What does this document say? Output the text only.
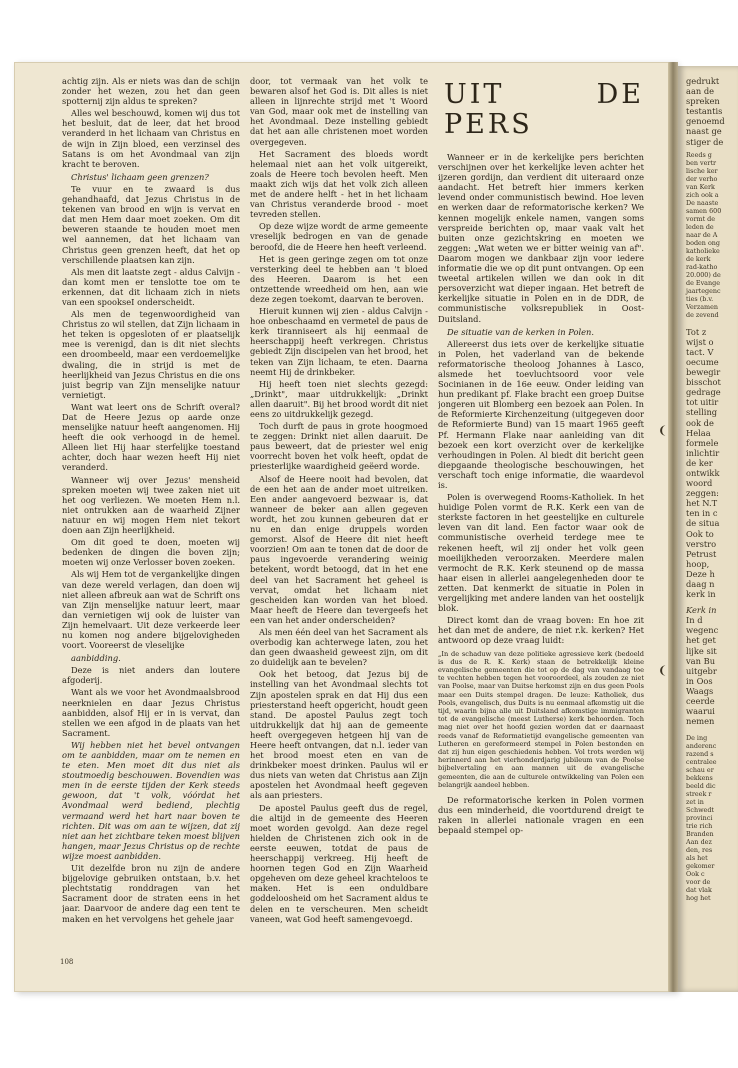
achtig zijn. Als er niets was dan de schijn zonder het wezen, zou het dan geen spotternij zijn aldus te spreken?

Alles wel beschouwd, komen wij dus tot het besluit, dat de leer, dat het brood veranderd in het lichaam van Christus en de wijn in Zijn bloed, een verzinsel des Satans is om het Avondmaal van zijn kracht te beroven.

Christus' lichaam geen grenzen?

Te vuur en te zwaard is dus gehandhaafd, dat Jezus Christus in de tekenen van brood en wijn is vervat en dat men Hem daar moet zoeken. Om dit beweren staande te houden moet men wel aannemen, dat het lichaam van Christus geen grenzen heeft, dat het op verschillende plaatsen kan zijn.

Als men dit laatste zegt - aldus Calvijn - dan komt men er tenslotte toe om te erkennen, dat dit lichaam zich in niets van een spookseI onderscheidt.

Als men de tegenwoordigheid van Christus zo wil stellen, dat Zijn lichaam in het teken is opgesloten of er plaatselijk mee is verenigd, dan is dit niet slechts een droombeeld, maar een verdoemelijke dwaling, die in strijd is met de heerlijkheid van Jezus Christus en die ons juist begrip van Zijn menselijke natuur vernietigt.

Want wat leert ons de Schrift overal? Dat de Heere Jezus op aarde onze menselijke natuur heeft aangenomen. Hij heeft die ook verhoogd in de hemel. Alleen liet Hij haar sterfelijke toestand achter, doch haar wezen heeft Hij niet veranderd.

Wanneer wij over Jezus' mensheid spreken moeten wij twee zaken niet uit het oog verliezen. We moeten Hem n.l. niet ontrukken aan de waarheid Zijner natuur en wij mogen Hem niet tekort doen aan Zijn heerlijkheid.

Om dit goed te doen, moeten wij bedenken de dingen die boven zijn; moeten wij onze Verlosser boven zoeken.

Als wij Hem tot de vergankelijke dingen van deze wereld verlagen, dan doen wij niet alleen afbreuk aan wat de Schrift ons van Zijn menselijke natuur leert, maar dan vernietigen wij ook de luister van Zijn hemelvaart. Uit deze verkeerde leer nu komen nog andere bijgelovigheden voort. Vooreerst de vleselijke

aanbidding.

Deze is niet anders dan loutere afgoderij.

Want als we voor het Avondmaalsbrood neerknielen en daar Jezus Christus aanbidden, alsof Hij er in is vervat, dan stellen we een afgod in de plaats van het Sacrament.

Wij hebben niet het bevel ontvangen om te aanbidden, maar om te nemen en te eten. Men moet dit dus niet als stoutmoedig beschouwen. Bovendien was men in de eerste tijden der Kerk steeds gewoon, dat 't volk, vóórdat het Avondmaal werd bediend, plechtig vermaand werd het hart naar boven te richten. Dit was om aan te wijzen, dat zij niet aan het zichtbare teken moest blijven hangen, maar Jezus Christus op de rechte wijze moest aanbidden.

Uit dezelfde bron nu zijn de andere bijgelovige gebruiken ontstaan, b.v. het plechtstatig ronddragen van het Sacrament door de straten eens in het jaar. Daarvoor de andere dag een tent te maken en het vervolgens het gehele jaar

door, tot vermaak van het volk te bewaren alsof het God is. Dit alles is niet alleen in lijnrechte strijd met 't Woord van God, maar ook met de instelling van het Avondmaal. Deze instelling gebiedt dat het aan alle christenen moet worden overgegeven.

Het Sacrament des bloeds wordt helemaal niet aan het volk uitgereikt, zoals de Heere toch bevolen heeft. Men maakt zich wijs dat het volk zich alleen met de andere helft - het in het lichaam van Christus veranderde brood - moet tevreden stellen.

Op deze wijze wordt de arme gemeente vreselijk bedrogen en van de genade beroofd, die de Heere hen heeft verleend.

Het is geen geringe zegen om tot onze versterking deel te hebben aan 't bloed des Heeren. Daarom is het een ontzettende wreedheid om hen, aan wie deze zegen toekomt, daarvan te beroven.

Hieruit kunnen wij zien - aldus Calvijn - hoe onbeschaamd en vermetel de paus de kerk tiranniseert als hij eenmaal de heerschappij heeft verkregen. Christus gebiedt Zijn discipelen van het brood, het teken van Zijn lichaam, te eten. Daarna neemt Hij de drinkbeker.

Hij heeft toen niet slechts gezegd: „Drinkt", maar uitdrukkelijk: „Drinkt allen daaruit". Bij het brood wordt dit niet eens zo uitdrukkelijk gezegd.

Toch durft de paus in grote hoogmoed te zeggen: Drinkt niet allen daaruit. De paus beweert, dat de priester wel enig voorrecht boven het volk heeft, opdat de priesterlijke waardigheid geëerd worde.

Alsof de Heere nooit had bevolen, dat de een het aan de ander moet uitreiken. Een ander aangevoerd bezwaar is, dat wanneer de beker aan allen gegeven wordt, het zou kunnen gebeuren dat er nu en dan enige druppels worden gemorst. Alsof de Heere dit niet heeft voorzien! Om aan te tonen dat de door de paus ingevoerde verandering weinig betekent, wordt betoogd, dat in het ene deel van het Sacrament het geheel is vervat, omdat het lichaam niet gescheiden kan worden van het bloed. Maar heeft de Heere dan tevergeefs het een van het ander onderscheiden?

Als men één deel van het Sacrament als overbodig kan achterwege laten, zou het dan geen dwaasheid geweest zijn, om dit zo duidelijk aan te bevelen?

Ook het betoog, dat Jezus bij de instelling van het Avondmaal slechts tot Zijn apostelen sprak en dat Hij dus een priesterstand heeft opgericht, houdt geen stand. De apostel Paulus zegt toch uitdrukkelijk dat hij aan de gemeente heeft overgegeven hetgeen hij van de Heere heeft ontvangen, dat n.l. ieder van het brood moest eten en van de drinkbeker moest drinken. Paulus wil er dus niets van weten dat Christus aan Zijn apostelen het Avondmaal heeft gegeven als aan priesters.

De apostel Paulus geeft dus de regel, die altijd in de gemeente des Heeren moet worden gevolgd. Aan deze regel hielden de Christenen zich ook in de eerste eeuwen, totdat de paus de heerschappij verkreeg. Hij heeft de hoornen tegen God en Zijn Waarheid opgeheven om deze geheel krachteloos te maken. Het is een onduldbare goddeloosheid om het Sacrament aldus te delen en te verscheuren. Men scheidt vaneen, wat God heeft samengevoegd.

UIT DE PERS

Wanneer er in de kerkelijke pers berichten verschijnen over het kerkelijke leven achter het ijzeren gordijn, dan verdient dit uiteraard onze aandacht. Het betreft hier immers kerken levend onder communistisch bewind. Hoe leven en werken daar de reformatorische kerken? We kennen mogelijk enkele namen, vangen soms verspreide berichten op, maar vaak valt het buiten onze gezichtskring en moeten we zeggen: „Wat weten we er bitter weinig van af". Daarom mogen we dankbaar zijn voor iedere informatie die we op dit punt ontvangen. Op een tweetal artikelen willen we dan ook in dit persoverzicht wat dieper ingaan. Het betreft de kerkelijke situatie in Polen en in de DDR, de communistische volksrepubliek in Oost-Duitsland.

De situatie van de kerken in Polen.

Allereerst dus iets over de kerkelijke situatie in Polen, het vaderland van de bekende reformatorische theoloog Johannes à Lasco, alsmede het toevluchtsoord voor vele Socinianen in de 16e eeuw. Onder leiding van hun predikant pf. Flake bracht een groep Duitse jongeren uit Blomberg een bezoek aan Polen. In de Reformierte Kirchenzeitung (uitgegeven door de Reformierte Bund) van 15 maart 1965 geeft Pf. Hermann Flake naar aanleiding van dit bezoek een kort overzicht over de kerkelijke verhoudingen in Polen. Al biedt dit bericht geen diepgaande theologische beschouwingen, het verschaft toch enige informatie, die waardevol is.

Polen is overwegend Rooms-Katholiek. In het huidige Polen vormt de R.K. Kerk een van de sterkste factoren in het geestelijke en culturele leven van dit land. Een factor waar ook de communistische overheid terdege mee te rekenen heeft, wil zij onder het volk geen moeilijkheden veroorzaken. Meerdere malen vermocht de R.K. Kerk steunend op de massa haar eisen in allerlei aangelegenheden door te zetten. Dat kenmerkt de situatie in Polen in vergelijking met andere landen van het oostelijk blok.

Direct komt dan de vraag boven: En hoe zit het dan met de andere, de niet r.k. kerken? Het antwoord op deze vraag luidt:

„In de schaduw van deze politieke agressieve kerk (bedoeld is dus de R. K. Kerk) staan de betrekkelijk kleine evangelische gemeenten die tot op de dag van vandaag toe te vechten hebben tegen het vooroordeel, als zouden ze niet van Poolse, maar van Duitse herkomst zijn en dus geen Pools maar een Duits stempel dragen. De leuze: Katholiek, dus Pools, evangelisch, dus Duits is nu eenmaal afkomstig uit die tijd, waarin bijna alle uit Duitsland afkomstige immigranten tot de evangelische (meest Lutherse) kerk behoorden. Toch mag niet over het hoofd gezien worden dat er daarnaast reeds vanaf de Reformatietijd evangelische gemeenten van Lutheren en gereformeerd stempel in Polen bestonden en dat zij hun eigen geschiedenis hebben. Vol trots werden wij herinnerd aan het vierhonderdjarig jubileum van de Poolse bijbelvertaling en aan mannen uit de evangelische gemeenten, die aan de culturele ontwikkeling van Polen een belangrijk aandeel hebben.

De reformatorische kerken in Polen vormen dus een minderheid, die voortdurend dreigt te raken in allerlei nationale vragen en een bepaald stempel op-

❨
❨
gedrukt
aan de
spreken
testantis
genoemd
naast ge
stiger de
Reeds g
ben vertr
lische ker
der verho
van Kerk
zich ook a
De naaste
samen 600
vormt de
leden de
naar de A
boden ong
katholieke
de kerk
rad-katho
20.000) de
de Evange
jaartegenc
ties (b.v.
Verzamen
de zevend
Tot z
wijst o
tact. V
oecume
bewegir
bisschot
gedrage
tot uitir
stelling
ook de
Helaa
formele
inlichtir
de ker
ontwikk
woord
zeggen:
het N.T
ten in c
de situa
Ook to
verstro
Petrust
hoop,
Deze h
daag n
kerk in
Kerk in
In d
wegenc
het get
lijke sit
van Bu
uitgebr
in Oos
Waags
ceerde
waarui
nemen
De ing
anderenc
razend s
centralee
schau er
bekkens
beeld dic
streek r
zet in
Schwedt
provinci
trie rich
Branden
Aan dez
den, res
als het
gekomer
Ook c
voor de
dat vlak
hog het
108
